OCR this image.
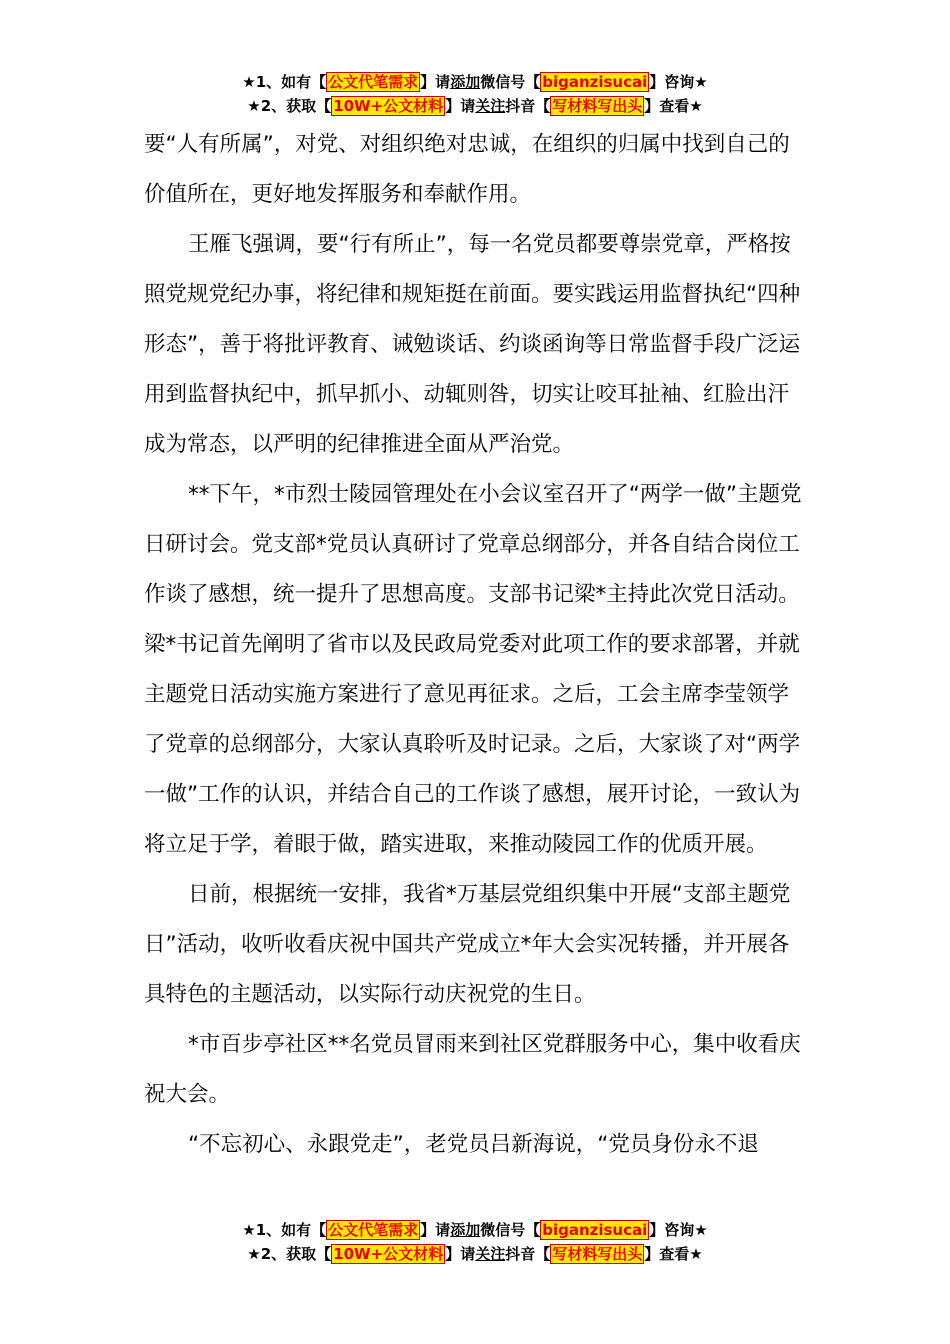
★1、如有【 公文代笔需求 】请添加微信号【 biganzisucai 】咨询★
★2、获取【 10W+公文材料 】请关注抖音【 写材料写出头 】查看★

要“人有所属”，对党、对组织绝对忠诚，在组织的归属中找到自己的价值所在，更好地发挥服务和奉献作用。

王雁飞强调，要“行有所止”，每一名党员都要尊崇党章，严格按照党规党纪办事，将纪律和规矩挺在前面。要实践运用监督执纪“四种形态”，善于将批评教育、诫勉谈话、约谈函询等日常监督手段广泛运用到监督执纪中，抓早抓小、动辄则咎，切实让咬耳扯袖、红脸出汗成为常态，以严明的纪律推进全面从严治党。

**下午，*市烈士陵园管理处在小会议室召开了“两学一做”主题党日研讨会。党支部*党员认真研讨了党章总纲部分，并各自结合岗位工作谈了感想，统一提升了思想高度。支部书记梁*主持此次党日活动。 梁*书记首先阐明了省市以及民政局党委对此项工作的要求部署，并就主题党日活动实施方案进行了意见再征求。之后，工会主席李莹领学了党章的总纲部分，大家认真聆听及时记录。之后，大家谈了对“两学一做”工作的认识，并结合自己的工作谈了感想，展开讨论，一致认为将立足于学，着眼于做，踏实进取，来推动陵园工作的优质开展。

日前，根据统一安排，我省*万基层党组织集中开展“支部主题党日”活动，收听收看庆祝中国共产党成立*年大会实况转播，并开展各具特色的主题活动，以实际行动庆祝党的生日。

*市百步亭社区**名党员冒雨来到社区党群服务中心，集中收看庆祝大会。

“不忘初心、永跟党走”，老党员吕新海说，“党员身份永不退

★1、如有【 公文代笔需求 】请添加微信号【 biganzisucai 】咨询★
★2、获取【 10W+公文材料 】请关注抖音【 写材料写出头 】查看★
